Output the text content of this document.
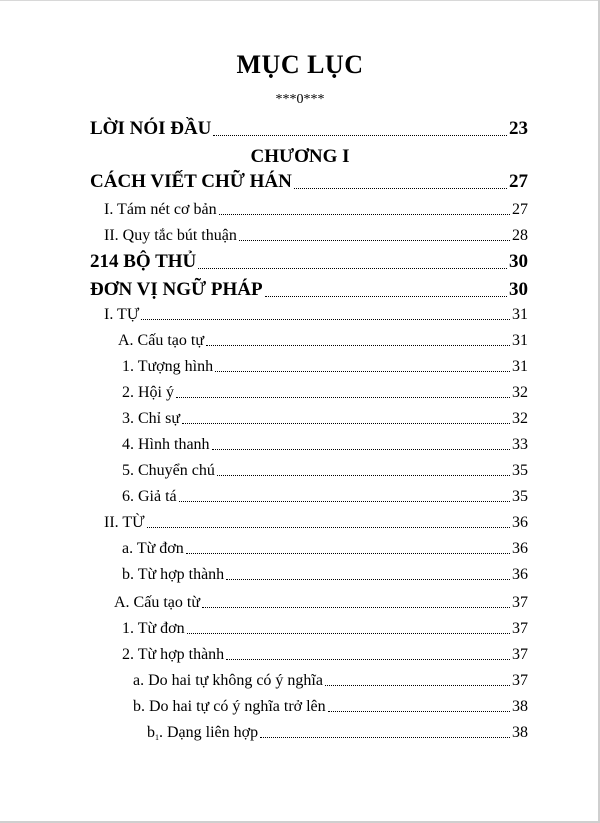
MỤC LỤC
***0***
LỜI NÓI ĐẦU	23
CHƯƠNG I
CÁCH VIẾT CHỮ HÁN	27
I. Tám nét cơ bản	27
II. Quy tắc bút thuận	28
214 BỘ THỦ	30
ĐƠN VỊ NGỮ PHÁP	30
I. TỰ	31
A. Cấu tạo tự	31
1. Tượng hình	31
2. Hội ý	32
3. Chỉ sự	32
4. Hình thanh	33
5. Chuyển chú	35
6. Giả tá	35
II. TỪ	36
a. Từ đơn	36
b. Từ hợp thành	36
A. Cấu tạo từ	37
1. Từ đơn	37
2. Từ hợp thành	37
a. Do hai tự không có ý nghĩa	37
b. Do hai tự có ý nghĩa trở lên	38
b1. Dạng liên hợp	38
